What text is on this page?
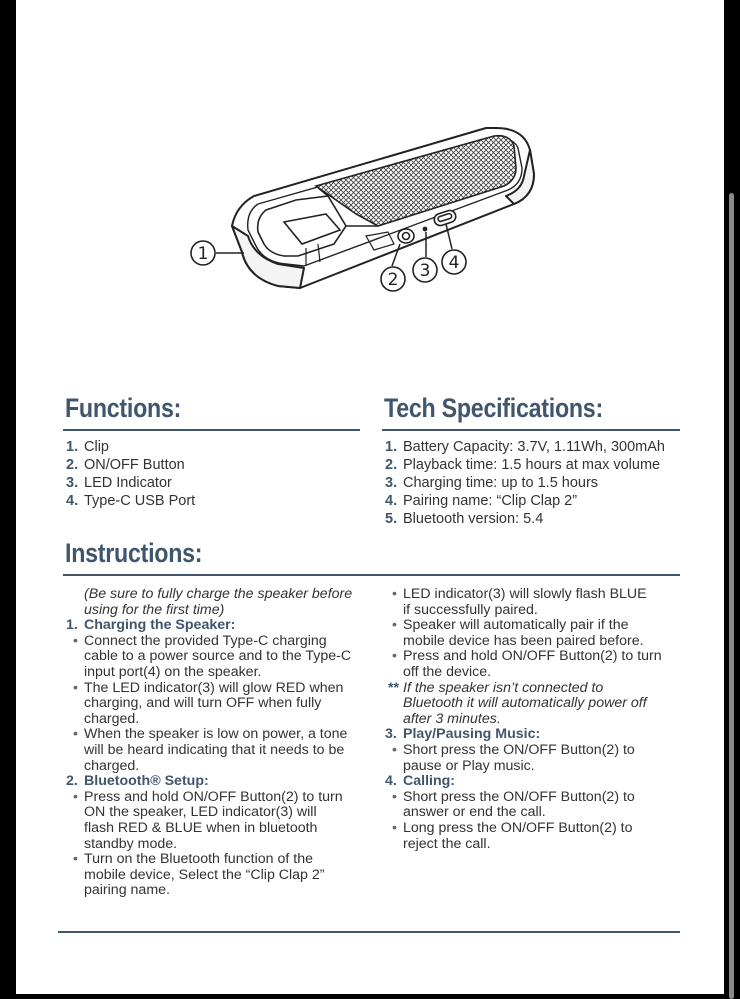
1
2 3 4
Functions:
1. Clip
2. ON/OFF Button
3. LED Indicator
4. Type-C USB Port
Tech Specifications:
1. Battery Capacity: 3.7V, 1.11Wh, 300mAh
2. Playback time: 1.5 hours at max volume
3. Charging time: up to 1.5 hours
4. Pairing name: “Clip Clap 2”
5. Bluetooth version: 5.4
Instructions:
(Be sure to fully charge the speaker before
using for the first time)
1. Charging the Speaker:
• Connect the provided Type-C charging
cable to a power source and to the Type-C
input port(4) on the speaker.
• The LED indicator(3) will glow RED when
charging, and will turn OFF when fully
charged.
• When the speaker is low on power, a tone
will be heard indicating that it needs to be
charged.
2. Bluetooth® Setup:
• Press and hold ON/OFF Button(2) to turn
ON the speaker, LED indicator(3) will
flash RED & BLUE when in bluetooth
standby mode.
• Turn on the Bluetooth function of the
mobile device, Select the “Clip Clap 2”
pairing name.
• LED indicator(3) will slowly flash BLUE
if successfully paired.
• Speaker will automatically pair if the
mobile device has been paired before.
• Press and hold ON/OFF Button(2) to turn
off the device.
** If the speaker isn’t connected to
Bluetooth it will automatically power off
after 3 minutes.
3. Play/Pausing Music:
• Short press the ON/OFF Button(2) to
pause or Play music.
4. Calling:
• Short press the ON/OFF Button(2) to
answer or end the call.
• Long press the ON/OFF Button(2) to
reject the call.
